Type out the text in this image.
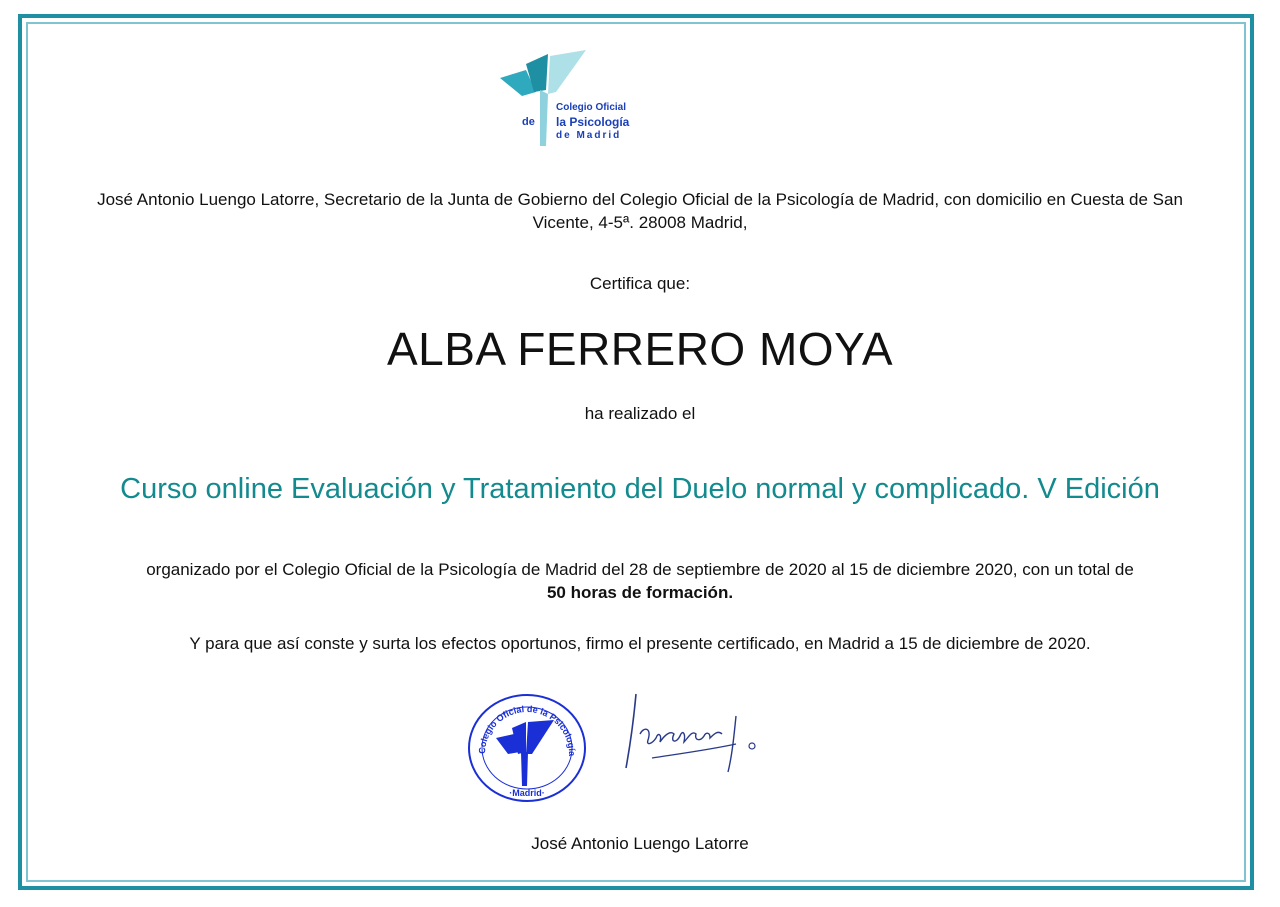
Colegio Oficial
de la Psicología
de Madrid
José Antonio Luengo Latorre, Secretario de la Junta de Gobierno del Colegio Oficial de la Psicología de Madrid, con domicilio en Cuesta de San
Vicente, 4-5ª. 28008 Madrid,
Certifica que:
ALBA FERRERO MOYA
ha realizado el
Curso online Evaluación y Tratamiento del Duelo normal y complicado. V Edición
organizado por el Colegio Oficial de la Psicología de Madrid del 28 de septiembre de 2020 al 15 de diciembre 2020, con un total de
50 horas de formación.
Y para que así conste y surta los efectos oportunos, firmo el presente certificado, en Madrid a 15 de diciembre de 2020.
Colegio Oficial de la Psicología
·Madrid·
José Antonio Luengo Latorre
